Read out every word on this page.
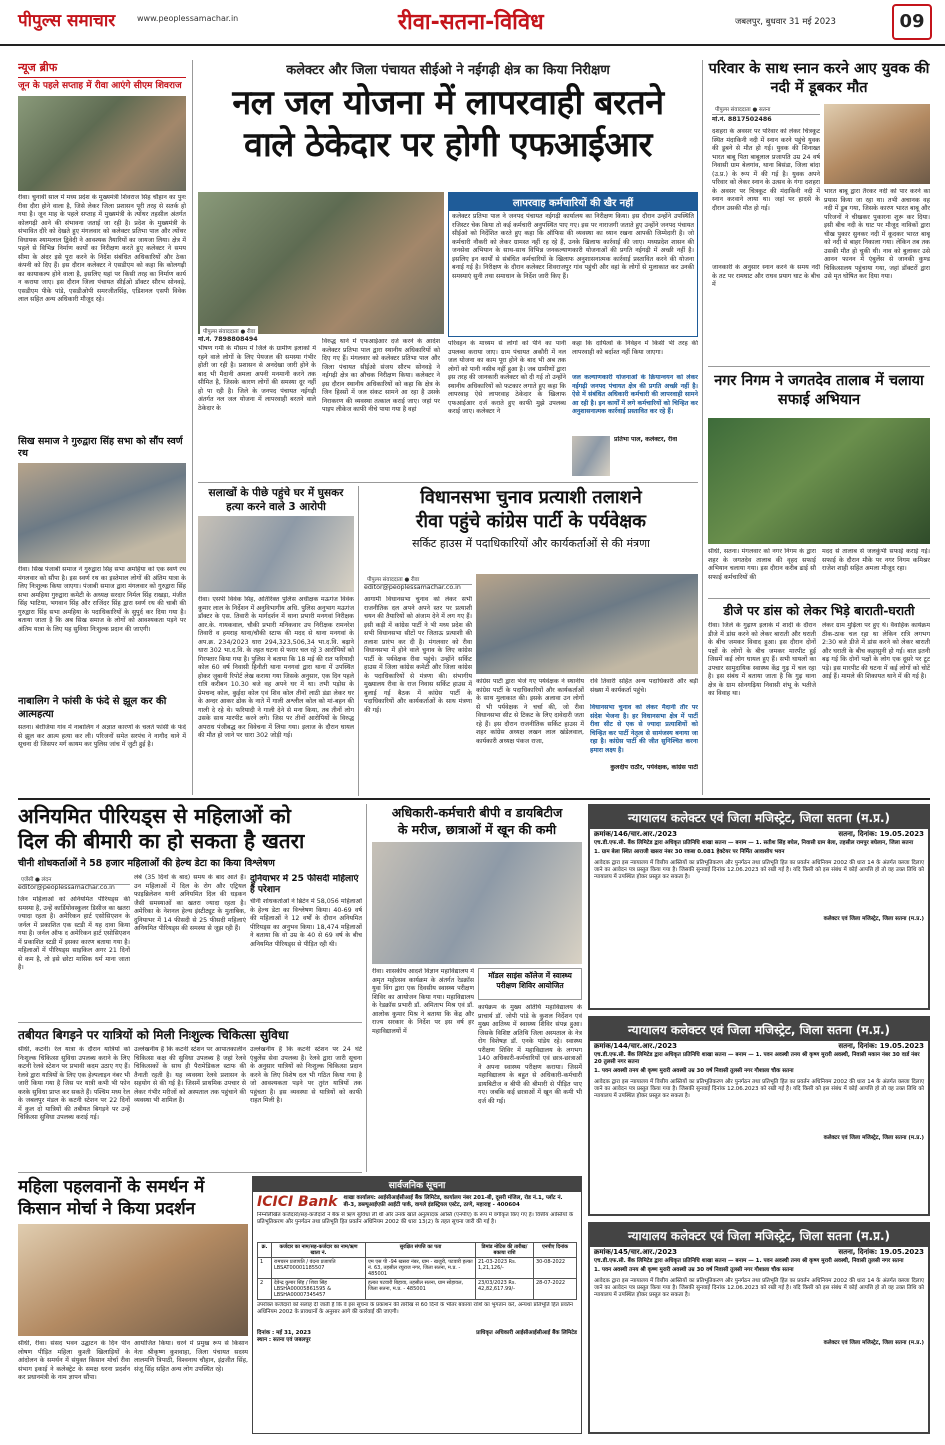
पीपुल्स समाचार	www.peoplessamachar.in	रीवा-सतना-विविध	जबलपुर, बुधवार 31 मई 2023	09
न्यूज ब्रीफ
जून के पहले सप्ताह में रीवा आएंगे सीएम शिवराज
रीवा। चुनावी साल में मध्य प्रदेश के मुख्यमंत्री शिवराज सिंह चौहान का पुनः रीवा दौरा होने वाला है, जिसे लेकर जिला प्रशासन पूरी तरह से सतर्क हो गया है। जून माह के पहले सप्ताह में मुख्यमंत्री के त्योंथर तहसील अंतर्गत कोलगढ़ी आने की संभावना जताई जा रही है। प्रदेश के मुख्यमंत्री के संभावित दौरे को देखते हुए मंगलवार को कलेक्टर प्रतिभा पाल और त्योंथर विधायक श्यामलाल द्विवेदी ने आवश्यक तैयारियों का जायजा लिया। क्षेत्र में पहले से विभिन्न निर्माण कार्यों का निरीक्षण करते हुए कलेक्टर ने समय सीमा के अंदर इसे पूरा करने के निर्देश संबंधित अधिकारियों और ठेका कंपनी को दिए हैं। इस दौरान कलेक्टर ने एसडीएम को कहा कि कोलगढ़ी का कायाकल्प होने वाला है, इसलिए यहां पर किसी तरह का निर्माण कार्य न कराया जाए। इस दौरान जिला पंचायत सीईओ डॉक्टर सौरभ सोनवड़े, एसडीएम पीके पांडे, एसडीओपी समरजीतसिंह, एडिशनल एसपी विवेक लाल सहित अन्य अधिकारी मौजूद रहे।
सिख समाज ने गुरुद्वारा सिंह सभा को सौंप स्वर्ण रथ
रीवा। सिख पंजाबी समाज ने गुरुद्वारा सिंह सभा अमहिया को एक स्वर्ण रथ मंगलवार को सौंपा है। इस स्वर्ण रथ का इस्तेमाल लोगों की अंतिम यात्रा के लिए निःशुल्क किया जाएगा। पंजाबी समाज द्वारा मंगलवार को गुरुद्वारा सिंह सभा अमहिया गुरुद्वारा कमेटी के अध्यक्ष सरदार निर्मल सिंह राखड़ा, मंजीत सिंह भाटिया, भगवान सिंह और राजिंदर सिंह द्वारा स्वर्ण रथ की चाबी की गुरुद्वारा सिंह सभा अमहिया के पदाधिकारियों के सुपुर्द कर दिया गया है। बताया जाता है कि अब सिख समाज के लोगों को आवश्यकता पड़ने पर अंतिम यात्रा के लिए यह सुविधा निःशुल्क प्रदान की जाएगी।
नाबालिग ने फांसी के फंदे से झूल कर की आत्महत्या
सतना। बेरोजिया गांव में नाबालिग ने अज्ञात कारणों के चलते फांसी के फंदे से झूल कर आत्म हत्या कर ली। परिजनों समेत सरपंच ने नागौद थाने में सूचना दी जिसपर मर्ग कायम कर पुलिस जांच में जुटी हुई है।
कलेक्टर और जिला पंचायत सीईओ ने नईगढ़ी क्षेत्र का किया निरीक्षण
नल जल योजना में लापरवाही बरतने
वाले ठेकेदार पर होगी एफआईआर
पीपुल्स संवाददाता ● रीवा
लापरवाह कर्मचारियों की खैर नहीं
कलेक्टर प्रतिभा पाल ने जनपद पंचायत नईगढ़ी कार्यालय का निरीक्षण किया। इस दौरान उन्होंने उपस्थिति रजिस्टर चेक किया तो कई कर्मचारी अनुपस्थित पाए गए। इस पर नाराजगी जताते हुए उन्होंने जनपद पंचायत सीईओ को निर्देशित करते हुए कहा कि ऑफिस की व्यवस्था का ध्यान रखना आपकी जिम्मेदारी है। जो कर्मचारी नौकरी को लेकर ग्रामस्त नहीं रह रहे हैं, उनके खिलाफ कार्रवाई की जाए। मध्यप्रदेश शासन की जनसेवा अभियान के साथ-साथ विभिन्न जनकल्याणकारी योजनाओं की प्रगति नईगढ़ी में अच्छी नहीं है। इसलिए इन कार्यों से संबंधित कर्मचारियों के खिलाफ अनुशासनात्मक कार्रवाई प्रस्तावित करने की योजना बनाई गई है। निरीक्षण के दौरान कलेक्टर शिवराजपुर गांव पहुंची और वहां के लोगों से मुलाकात कर उनकी समस्याएं सुनी तथा समाधान के निर्देश जारी किए हैं।
मो.नं. 7898808494
भीषण गर्मी के मौसम में जिले के ग्रामीण इलाकों में रहने वाले लोगों के लिए पेयजल की समस्या गंभीर होती जा रही है। प्रशासन से अनदेखा जारी होने के बाद भी मैदानी अमला अपनी मनमानी करने तक सीमित है, जिसके कारण लोगों की समस्या दूर नहीं हो पा रही है। जिले के जनपद पंचायत नईगढ़ी अंतर्गत नल जल योजना में लापरवाही बरतने वाले ठेकेदार के
विरुद्ध थाने में एफआईआर दर्ज करने के आदेश कलेक्टर प्रतिभा पाल द्वारा स्थानीय अधिकारियों को दिए गए हैं। मंगलवार को कलेक्टर प्रतिभा पाल और जिला पंचायत सीईओ संजय सौरभ सोनवड़े ने नईगढ़ी क्षेत्र का औचक निरीक्षण किया। कलेक्टर ने इस दौरान स्थानीय अधिकारियों को कहा कि क्षेत्र के जिन हिस्सों में जल संकट सामने आ रहा है उसके निराकरण की व्यवस्था तत्काल कराई जाए। जहां पर पाइप लीकेज काफी नीचे पाया गया है वहां
परिवहन के माध्यम से लोगों को पीने का पानी उपलब्ध कराया जाए। ग्राम पंचायत अकौरी में नल जल योजना का काम पूरा होने के बाद भी अब तक लोगों को पानी नसीब नहीं हुआ है। जब ग्रामीणों द्वारा इस तरह की जानकारी कलेक्टर को दी गई तो उन्होंने स्थानीय अधिकारियों को फटकार लगाते हुए कहा कि लापरवाह ऐसे लापरवाह ठेकेदार के खिलाफ एफआईआर दर्ज कराते हुए काफी मुझे उपलब्ध कराई जाए। कलेक्टर ने
कहा कि दायित्वों के निर्वहन में किसी भी तरह की लापरवाही को बर्दाश्त नहीं किया जाएगा।
जल कल्याणकारी योजनाओं के क्रियान्वयन को लेकर नईगढ़ी जनपद पंचायत क्षेत्र की प्रगति अच्छी नहीं है। ऐसे में संबंधित अधिकारी कर्मचारी की लापरवाही सामने आ रही है। इन कार्यों में लगे कर्मचारियों को चिन्हित कर अनुशासनात्मक कार्रवाई प्रस्तावित कर रहे हैं।
प्रतिभा पाल, कलेक्टर, रीवा
परिवार के साथ स्नान करने आए युवक की नदी में डूबकर मौत
पीपुल्स संवाददाता ● सतना
मो.नं. 8817502486
दशहरा के अवसर पर परिवार को लेकर चित्रकूट स्थित मंदाकिनी नदी में स्नान करने पहुंचे युवक की डूबने से मौत हो गई। युवक की शिनाख्त भारत बाबू पिता बाबूलाल प्रजापति उम्र 24 वर्ष निवासी ग्राम बेलगांव, थाना बिसंडा, जिला बांदा (उ.प्र.) के रूप में की गई है। युवक अपने परिवार को लेकर स्नान के उत्सव के गंगा दशहरा के अवसर पर चित्रकूट की मंदाकिनी नदी में स्नान करवाने लाया था। जहां पर हादसे के दौरान उसकी मौत हो गई।
जानकारी के अनुसार स्नान करने के समय नदी के तट पर रामघाट और राघव प्रयाग घाट के बीच में
भारत बाबू द्वारा तैरकर नदी को पार करने का प्रयास किया जा रहा था। तभी अचानक वह नदी में डूब गया, जिसके कारण भारत बाबू और परिजनों ने चीखकर पुकारना शुरू कर दिया। इसी बीच नदी के घाट पर मौजूद नाविकों द्वारा चीख पुकार सुनकर नदी में कूदकर भारत बाबू को नदी से बाहर निकाला गया। लेकिन तब तक उसकी मौत हो चुकी थी। नाव को बुलाकर उसे आनन फानन में एंबुलेंस से जानकी कुण्ड चिकित्सालय पहुंचाया गया, जहां डॉक्टरों द्वारा उसे मृत घोषित कर दिया गया।
नगर निगम ने जगतदेव तालाब में चलाया सफाई अभियान
सीधी, सतना। मंगलवार को नगर निगम के द्वारा शहर के जगतदेव तालाब की वृहद सफाई अभियान चलाया गया। इस दौरान करीब ढाई सौ सफाई कर्मचारियों की
मदद से तालाब से जलकुंभी सफाई कराई गई। सफाई के दौरान मौके पर नगर निगम कमिश्नर राजेश शाही सहित अमला मौजूद रहा।
डीजे पर डांस को लेकर भिड़े बाराती-घराती
रीवा। जिले के गुढ़ाण इलाके में शादी के दौरान डीजे में डांस करने को लेकर बाराती और घराती के बीच जमकर विवाद हुआ। इस दौरान दोनों पक्षों के लोगों के बीच जमकर मारपीट हुई जिसमें कई लोग घायल हुए हैं। सभी घायलों का उपचार सामुदायिक स्वास्थ्य केंद्र गुढ़ में चल रहा है। इस संबंध में बताया जाता है कि गुढ़ थाना क्षेत्र के ग्राम सोनगढ़िया निवासी शंभू के भतीजे का विवाह था।
लेकर ग्राम मुढ़िला पर हुए थे। वैवाहिक कार्यक्रम ठीक-ठाक चल रहा था लेकिन रात्रि लगभग 2:30 बजे डीजे में डांस करने को लेकर बाराती और घराती के बीच कहासुनी हो गई। बात इतनी बढ़ गई कि दोनों पक्षों के लोग एक दूसरे पर टूट पड़े। इस मारपीट की घटना में कई लोगों को चोटें आई हैं। मामले की शिकायत थाने में की गई है।
सलाखों के पीछे पहुंचे घर में घुसकर हत्या करने वाले 3 आरोपी
रीवा। एसपी विवेक सिंह, अतिरिक्त पुलिस अधीक्षक मऊगंज विवेक कुमार लाल के निर्देशन में अनुविभागीय अधि. पुलिस अनुभाग मऊगंज डॉक्टर के एस. तिवारी के मार्गदर्शन में थाना प्रभारी मनगवां निरीक्षक आर.के. गायकवाल, चौकी प्रभारी मनिकवार उप निरीक्षक रामनरेश तिवारी व हमराह थाना/चौकी स्टाफ की मदद से थाना मनगवां के अप.क्र. 234/2023 धारा 294,323,506,34 भा.द.वि. बढ़ाने धारा 302 भा.द.वि. के तहत घटना से फरार चल रहे 3 आरोपियों को गिरफ्तार किया गया है। पुलिस ने बताया कि 18 मई की रात फरियादी कोल 60 वर्ष निवासी हिनौती थाना मनगवां द्वारा थाना में उपस्थित होकर जुबानी रिपोर्ट लेख कराया गया जिसके अनुसार, एक दिन पहले रात्रि करीबन 10.30 बजे वह अपने घर में था। तभी पड़ोस के प्रेमचन्द कोल, कुईदा कोल एवं शिव कोल तीनों लाठी डंडा लेकर घर के अन्दर आकर ढोक के नाते में गाली अश्लील कोल को मां-बहन की गाली दे रहे थे। फरियादी ने गाली देने से मना किया, तब तीनों लोग उसके साथ मारपीट करने लगे। जिस पर तीनों आरोपियों के विरुद्ध अपराध पंजीबद्ध कर विवेचना में लिया गया। इलाज के दौरान घायल की मौत हो जाने पर धारा 302 जोड़ी गई।
विधानसभा चुनाव प्रत्याशी तलाशने
रीवा पहुंचे कांग्रेस पार्टी के पर्यवेक्षक
सर्किट हाउस में पदाधिकारियों और कार्यकर्ताओं से की मंत्रणा
पीपुल्स संवाददाता ● रीवा
editor@peoplessamachar.co.in
आगामी विधानसभा चुनाव को लेकर सभी राजनीतिक दल अपने अपने स्तर पर प्रत्याशी चयन की तैयारियों को अंजाम देने में लग गए हैं। इसी कड़ी में कांग्रेस पार्टी ने भी मध्य प्रदेश की सभी विधानसभा सीटों पर जिताऊ प्रत्याशी की तलाश प्रारंभ कर दी है। मंगलवार को रीवा विधानसभा में होने वाले चुनाव के लिए कांग्रेस पार्टी के पर्यवेक्षक रीवा पहुंचे। उन्होंने सर्किट हाउस में जिला कांग्रेस कमेटी और जिला कांग्रेस के पदाधिकारियों से मंत्रणा की। संभागीय मुख्यालय रीवा के राज निवास सर्किट हाउस में बुलाई गई बैठक में कांग्रेस पार्टी के पदाधिकारियों और कार्यकर्ताओं के साथ मंत्रणा की गई।
कांग्रेस पार्टी द्वारा भेजे गए पर्यवेक्षक ने स्थानीय कांग्रेस पार्टी के पदाधिकारियों और कार्यकर्ताओं के साथ मुलाकात की। इसके अलावा उन लोगों से भी पर्यवेक्षक ने चर्चा की, जो रीवा विधानसभा सीट से टिकट के लिए दावेदारी जता रहे हैं। इस दौरान राजनीतिक सर्किट हाउस में शहर कांग्रेस अध्यक्ष लखन लाल खंडेलवाल, कार्यकारी अध्यक्ष पंकज राजा,
रवि तिवारी सहित अन्य पदाधिकारी और बड़ी संख्या में कार्यकर्ता पहुंचे।
विधानसभा चुनाव को लेकर मैदानी तौर पर संदेश भेजना है। हर विधानसभा क्षेत्र में पार्टी रीवा सीट से एक से ज्यादा प्रत्याशियों को चिन्हित कर पार्टी नेतृत्व से सामंजस्य बनाया जा रहा है। कांग्रेस पार्टी की जीत सुनिश्चित करना हमारा लक्ष्य है।
कुलदीप राठौर, पर्यवेक्षक, कांग्रेस पार्टी
अनियमित पीरियड्स से महिलाओं को
दिल की बीमारी का हो सकता है खतरा
चीनी शोधकर्ताओं ने 58 हजार महिलाओं की हेल्थ डेटा का किया विश्लेषण
एजेंसी ● लंदन
editor@peoplessamachar.co.in
जिन महिलाओं को अनियमित पीरियड्स की समस्या है, उन्हें कार्डियोवस्कुलर डिसीज का खतरा ज्यादा रहता है। अमेरिकन हार्ट एसोसिएशन के जर्नल में प्रकाशित एक स्टडी में यह दावा किया गया है। जर्नल ऑफ द अमेरिकन हार्ट एसोसिएशन में प्रकाशित स्टडी में इसका कारण बताया गया है। महिलाओं में पीरियड्स साइकिल अगर 21 दिनों से कम है, तो इसे छोटा मासिक धर्म माना जाता है।
लंबे (35 दिनों के बाद) समय के बाद आते हैं। उन महिलाओं में दिल के रोग और एट्रियल फाइब्रिलेशन यानी अनियमित दिल की धड़कन जैसी समस्याओं का खतरा ज्यादा रहता है। अमेरिका के नेशनल हेल्थ इंस्टीट्यूट के मुताबिक, दुनियाभर में 14 फीसदी से 25 फीसदी महिलाएं अनियमित पीरियड्स की समस्या से जूझ रही हैं।
दुनियाभर में 25 फीसदी महिलाएं हैं परेशान
चीनी शोधकर्ताओं ने ब्रिटेन में 58,056 महिलाओं के हेल्थ डेटा का विश्लेषण किया। 40-69 वर्ष की महिलाओं ने 12 वर्षों के दौरान अनियमित पीरियड्स का अनुभव किया। 18,474 महिलाओं ने बताया कि वो उम्र के 40 से 69 वर्ष के बीच अनियमित पीरियड्स से पीड़ित रही थी।
तबीयत बिगड़ने पर यात्रियों को मिली निःशुल्क चिकित्सा सुविधा
सीधी, कटनी। रेल यात्रा के दौरान यात्रियों को निःशुल्क चिकित्सा सुविधा उपलब्ध कराने के लिए कटनी रेलवे स्टेशन पर प्रभावी कदम उठाए गए हैं। रेलवे द्वारा यात्रियों के लिए एक हेल्पलाइन नंबर भी जारी किया गया है जिस पर यात्री कभी भी फोन करके सुविधा प्राप्त कर सकते हैं। पश्चिम मध्य रेल के जबलपुर मंडल के कटनी स्टेशन पर 22 दिनों में कुल दो यात्रियों की तबीयत बिगड़ने पर उन्हें चिकित्सा सुविधा उपलब्ध कराई गई।
उल्लेखनीय है कि कटनी स्टेशन पर आपातकालीन चिकित्सा कक्ष की सुविधा उपलब्ध है जहां रेलवे चिकित्सकों के साथ ही पैरामेडिकल स्टाफ की तैनाती रहती है। यह व्यवस्था रेलवे प्रशासन के सहयोग से की गई है। जिसमें प्राथमिक उपचार से लेकर गंभीर मरीजों को अस्पताल तक पहुंचाने की व्यवस्था भी शामिल है।
उल्लेखनीय है कि कटनी स्टेशन पर 24 घंटे एंबुलेंस सेवा उपलब्ध है। रेलवे द्वारा जारी सूचना के अनुसार यात्रियों को निःशुल्क चिकित्सा प्रदान करने के लिए विशेष दल भी गठित किया गया है जो आवश्यकता पड़ने पर तुरंत यात्रियों तक पहुंचता है। इस व्यवस्था से यात्रियों को काफी राहत मिली है।
महिला पहलवानों के समर्थन में
किसान मोर्चा ने किया प्रदर्शन
सीधी, रीवा। संसद भवन उद्घाटन के दिन पीन लोषण पीड़ित महिला कुश्ती खिलाड़ियों के आंदोलन के समर्थन में संयुक्त किसान मोर्चा रीवा संभाग इकाई ने कलेक्ट्रेट के समक्ष धरना प्रदर्शन कर प्रधानमंत्री के नाम ज्ञापन सौंपा।
आयोजित किया। धरने में प्रमुख रूप से किसान नेता श्रीकृष्ण कुशवाहा, जिला पंचायत सदस्य लालमणि त्रिपाठी, विश्वनाथ चौहान, इंद्रजीत सिंह, संजू सिंह सहित अन्य लोग उपस्थित रहे।
अधिकारी-कर्मचारी बीपी व डायबिटीज
के मरीज, छात्राओं में खून की कमी
रीवा। शासकीय आदर्श विज्ञान महाविद्यालय में अमृत महोत्सव कार्यक्रम के अंतर्गत रेडक्रॉस युवा विंग द्वारा एक दिवसीय स्वास्थ्य परीक्षण शिविर का आयोजन किया गया। महाविद्यालय के रेडक्रॉस प्रभारी डॉ. अमिताभ मिश्र एवं डॉ. आलोक कुमार मिश्र ने बताया कि केंद्र और राज्य सरकार के निर्देश पर इस वर्ष हर महाविद्यालयों में
मॉडल साइंस कॉलेज में स्वास्थ्य परीक्षण शिविर आयोजित
कार्यक्रम के मुख्य अतिथि महाविद्यालय के प्राचार्य डॉ. जोपी पांडे के कुशल निर्देशन एवं मुख्य आतिथ्य में स्वास्थ्य शिविर संपन्न हुआ। जिसके विशिष्ट अतिथि जिला अस्पताल के नेत्र रोग विशेषज्ञ डॉ. एनके पांडेय रहे। स्वास्थ्य परीक्षण शिविर में महाविद्यालय के लगभग 140 अधिकारी-कर्मचारियों एवं छात्र-छात्राओं ने अपना स्वास्थ्य परीक्षण कराया। जिसमें महाविद्यालय के बहुत से अधिकारी-कर्मचारी डायबिटीज व बीपी की बीमारी से पीड़ित पाए गए। जबकि कई छात्राओं में खून की कमी भी दर्ज की गई।
सार्वजनिक सूचना
ICICI Bank शाखा कार्यालय: आईसीआईसीआई बैंक लिमिटेड, कार्यालय नंबर 201-बी, दूसरी मंजिल, रोड नं.1, प्लॉट नं. बी-3, डब्ल्यूआईएफ़ी आईटी पार्क, वागले इंडस्ट्रियल एस्टेट, ठाणे, महाराष्ट्र - 400604
निम्नलिखित कर्जदारों/सह-कर्जदारों ने बैंक से ऋण सुविधा ली थी और उनके खाते अनुत्पादक आस्ति (एनपीए) के रूप में वर्गीकृत किए गए हैं। वित्तीय आस्तियों के प्रतिभूतिकरण और पुनर्गठन तथा प्रतिभूति हित प्रवर्तन अधिनियम 2002 की धारा 13(2) के तहत सूचना जारी की गई है।
क्र.	कर्जदार का नाम/सह-कर्जदार का नाम/ऋण खाता नं.	सुरक्षित संपत्ति का पता	डिमांड नोटिस की तारीख/बकाया राशि	एनपीए दिनांक
1	रामचरन प्रजापति / वंदना प्रजापति LBSAT00001185507	एम एस पी -94 खसरा नंबर, ग्राम - खजुरी, पटवारी हल्का नं. 63, तहसील रघुराज नगर, जिला सतना, म.प्र. - 485001	21-03-2023 Rs. 1,21,126/-	30-08-2022
2	देवेन्द्र कुमार सिंह / शिवा सिंह LBSHA00005861595 & LBSHA00007345457	हल्का पटवारी बिहावा, तहसील सतना, ग्राम सोहावल, जिला सतना, म.प्र. - 485001	23/03/2023 Rs. 42,82,617.99/-	28-07-2022
उपरोक्त कर्जदारों को सलाह दी जाती है कि वे इस सूचना के प्रकाशन की तारीख से 60 दिनों के भीतर बकाया राशि का भुगतान करें, अन्यथा प्रतिभूति हित प्रवर्तन अधिनियम 2002 के प्रावधानों के अनुसार आगे की कार्रवाई की जाएगी।
दिनांक : मई 31, 2023
स्थान : सतना एवं जबलपुर
प्राधिकृत अधिकारी आईसीआईसीआई बैंक लिमिटेड
न्यायालय कलेक्टर एवं जिला मजिस्ट्रेट, जिला सतना (म.प्र.)
क्रमांक/146/चार.आर./2023	सतना, दिनांक: 19.05.2023
एच.डी.एफ.सी. बैंक लिमिटेड द्वारा अधिकृत प्रतिनिधि शाखा सतना — बनाम — 1. सतीश सिंह बघेल, निवासी ग्राम बेला, तहसील रामपुर बघेलान, जिला सतना
1. ग्राम बेला स्थित आराजी खसरा नंबर 30 रकबा 0.081 हेक्टेयर पर निर्मित आवासीय भवन
आवेदक द्वारा इस न्यायालय में वित्तीय आस्तियों का प्रतिभूतिकरण और पुनर्गठन तथा प्रतिभूति हित का प्रवर्तन अधिनियम 2002 की धारा 14 के अंतर्गत कब्जा दिलाए जाने का आवेदन पत्र प्रस्तुत किया गया है। जिसकी सुनवाई दिनांक 12.06.2023 को रखी गई है। यदि किसी को इस संबंध में कोई आपत्ति हो तो वह उक्त तिथि को न्यायालय में उपस्थित होकर प्रस्तुत कर सकता है।
कलेक्टर एवं जिला मजिस्ट्रेट, जिला सतना (म.प्र.)
न्यायालय कलेक्टर एवं जिला मजिस्ट्रेट, जिला सतना (म.प्र.)
क्रमांक/144/चार.आर./2023	सतना, दिनांक: 19.05.2023
एच.डी.एफ.सी. बैंक लिमिटेड द्वारा अधिकृत प्रतिनिधि शाखा सतना — बनाम — 1. पवन अवस्थी तनय श्री कृष्ण मुरारी अवस्थी, निवासी मकान नंबर 30 वार्ड नंबर 20 तुलसी नगर सतना
1. पवन अवस्थी तनय श्री कृष्ण मुरारी अवस्थी उम्र 30 वर्ष निवासी तुलसी नगर गौशाला चौक सतना
आवेदक द्वारा इस न्यायालय में वित्तीय आस्तियों का प्रतिभूतिकरण और पुनर्गठन तथा प्रतिभूति हित का प्रवर्तन अधिनियम 2002 की धारा 14 के अंतर्गत कब्जा दिलाए जाने का आवेदन पत्र प्रस्तुत किया गया है। जिसकी सुनवाई दिनांक 12.06.2023 को रखी गई है। यदि किसी को इस संबंध में कोई आपत्ति हो तो वह उक्त तिथि को न्यायालय में उपस्थित होकर प्रस्तुत कर सकता है।
कलेक्टर एवं जिला मजिस्ट्रेट, जिला सतना (म.प्र.)
न्यायालय कलेक्टर एवं जिला मजिस्ट्रेट, जिला सतना (म.प्र.)
क्रमांक/145/चार.आर./2023	सतना, दिनांक: 19.05.2023
एच.डी.एफ.सी. बैंक लिमिटेड द्वारा अधिकृत प्रतिनिधि शाखा सतना — बनाम — 1. पवन अवस्थी तनय श्री कृष्ण मुरारी अवस्थी, निवासी तुलसी नगर सतना
1. पवन अवस्थी तनय श्री कृष्ण मुरारी अवस्थी उम्र 30 वर्ष निवासी तुलसी नगर गौशाला चौक सतना
आवेदक द्वारा इस न्यायालय में वित्तीय आस्तियों का प्रतिभूतिकरण और पुनर्गठन तथा प्रतिभूति हित का प्रवर्तन अधिनियम 2002 की धारा 14 के अंतर्गत कब्जा दिलाए जाने का आवेदन पत्र प्रस्तुत किया गया है। जिसकी सुनवाई दिनांक 12.06.2023 को रखी गई है। यदि किसी को इस संबंध में कोई आपत्ति हो तो वह उक्त तिथि को न्यायालय में उपस्थित होकर प्रस्तुत कर सकता है।
कलेक्टर एवं जिला मजिस्ट्रेट, जिला सतना (म.प्र.)
